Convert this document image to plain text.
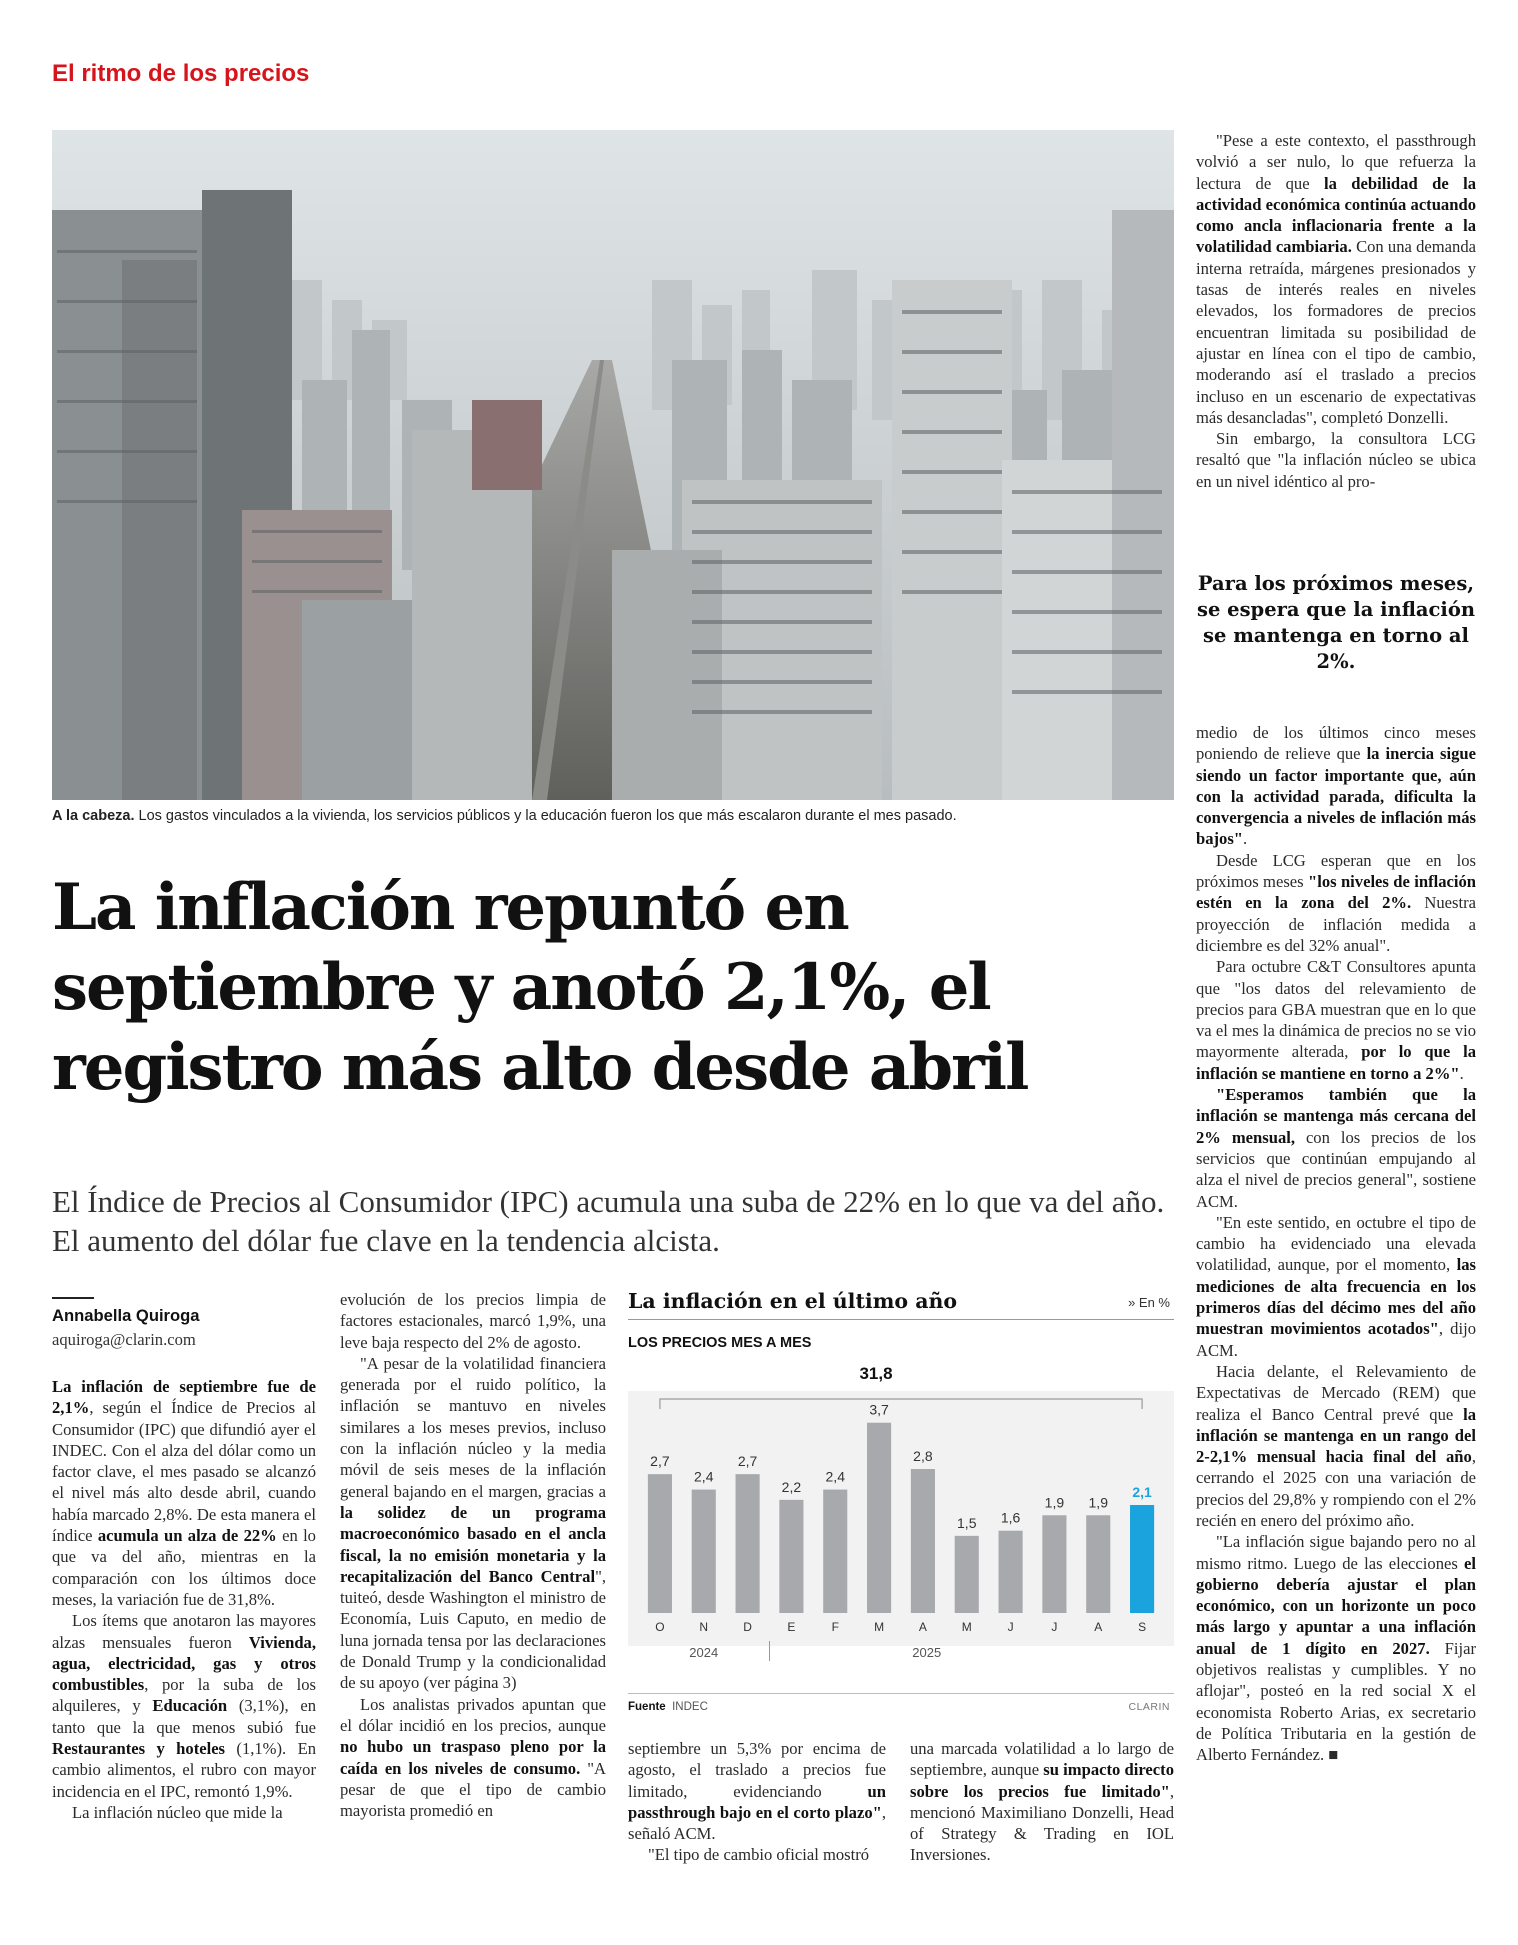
El ritmo de los precios
A la cabeza. Los gastos vinculados a la vivienda, los servicios públicos y la educación fueron los que más escalaron durante el mes pasado.
La inflación repuntó en
septiembre y anotó 2,1%, el
registro más alto desde abril
El Índice de Precios al Consumidor (IPC) acumula una suba de 22% en lo que va del año. El aumento del dólar fue clave en la tendencia alcista.
Annabella Quiroga
aquiroga@clarin.com

La inflación de septiembre fue de 2,1%, según el Índice de Precios al Consumidor (IPC) que difundió ayer el INDEC. Con el alza del dólar como un factor clave, el mes pasado se alcanzó el nivel más alto desde abril, cuando había marcado 2,8%. De esta manera el índice acumula un alza de 22% en lo que va del año, mientras en la comparación con los últimos doce meses, la variación fue de 31,8%.

Los ítems que anotaron las mayores alzas mensuales fueron Vivienda, agua, electricidad, gas y otros combustibles, por la suba de los alquileres, y Educación (3,1%), en tanto que la que menos subió fue Restaurantes y hoteles (1,1%). En cambio alimentos, el rubro con mayor incidencia en el IPC, remontó 1,9%.

La inflación núcleo que mide la

evolución de los precios limpia de factores estacionales, marcó 1,9%, una leve baja respecto del 2% de agosto.

"A pesar de la volatilidad financiera generada por el ruido político, la inflación se mantuvo en niveles similares a los meses previos, incluso con la inflación núcleo y la media móvil de seis meses de la inflación general bajando en el margen, gracias a la solidez de un programa macroeconómico basado en el ancla fiscal, la no emisión monetaria y la recapitalización del Banco Central", tuiteó, desde Washington el ministro de Economía, Luis Caputo, en medio de luna jornada tensa por las declaraciones de Donald Trump y la condicionalidad de su apoyo (ver página 3)

Los analistas privados apuntan que el dólar incidió en los precios, aunque no hubo un traspaso pleno por la caída en los niveles de consumo. "A pesar de que el tipo de cambio mayorista promedió en

La inflación en el último año	» En %
LOS PRECIOS MES A MES
31,8
2,7
O
2,4
N
2,7
D
2,2
E
2,4
F
3,7
M
2,8
A
1,5
M
1,6
J
1,9
J
1,9
A
2,1
S
2024	2025
Fuente INDEC	CLARIN

septiembre un 5,3% por encima de agosto, el traslado a precios fue limitado, evidenciando un passthrough bajo en el corto plazo", señaló ACM.

"El tipo de cambio oficial mostró

una marcada volatilidad a lo largo de septiembre, aunque su impacto directo sobre los precios fue limitado", mencionó Maximiliano Donzelli, Head of Strategy & Trading en IOL Inversiones.

"Pese a este contexto, el passthrough volvió a ser nulo, lo que refuerza la lectura de que la debilidad de la actividad económica continúa actuando como ancla inflacionaria frente a la volatilidad cambiaria. Con una demanda interna retraída, márgenes presionados y tasas de interés reales en niveles elevados, los formadores de precios encuentran limitada su posibilidad de ajustar en línea con el tipo de cambio, moderando así el traslado a precios incluso en un escenario de expectativas más desancladas", completó Donzelli.

Sin embargo, la consultora LCG resaltó que "la inflación núcleo se ubica en un nivel idéntico al pro-

Para los próximos meses, se espera que la inflación se mantenga en torno al 2%.

medio de los últimos cinco meses poniendo de relieve que la inercia sigue siendo un factor importante que, aún con la actividad parada, dificulta la convergencia a niveles de inflación más bajos".

Desde LCG esperan que en los próximos meses "los niveles de inflación estén en la zona del 2%. Nuestra proyección de inflación medida a diciembre es del 32% anual".

Para octubre C&T Consultores apunta que "los datos del relevamiento de precios para GBA muestran que en lo que va el mes la dinámica de precios no se vio mayormente alterada, por lo que la inflación se mantiene en torno a 2%".

"Esperamos también que la inflación se mantenga más cercana del 2% mensual, con los precios de los servicios que continúan empujando al alza el nivel de precios general", sostiene ACM.

"En este sentido, en octubre el tipo de cambio ha evidenciado una elevada volatilidad, aunque, por el momento, las mediciones de alta frecuencia en los primeros días del décimo mes del año muestran movimientos acotados", dijo ACM.

Hacia delante, el Relevamiento de Expectativas de Mercado (REM) que realiza el Banco Central prevé que la inflación se mantenga en un rango del 2-2,1% mensual hacia final del año, cerrando el 2025 con una variación de precios del 29,8% y rompiendo con el 2% recién en enero del próximo año.

"La inflación sigue bajando pero no al mismo ritmo. Luego de las elecciones el gobierno debería ajustar el plan económico, con un horizonte un poco más largo y apuntar a una inflación anual de 1 dígito en 2027. Fijar objetivos realistas y cumplibles. Y no aflojar", posteó en la red social X el economista Roberto Arias, ex secretario de Política Tributaria en la gestión de Alberto Fernández. ■
